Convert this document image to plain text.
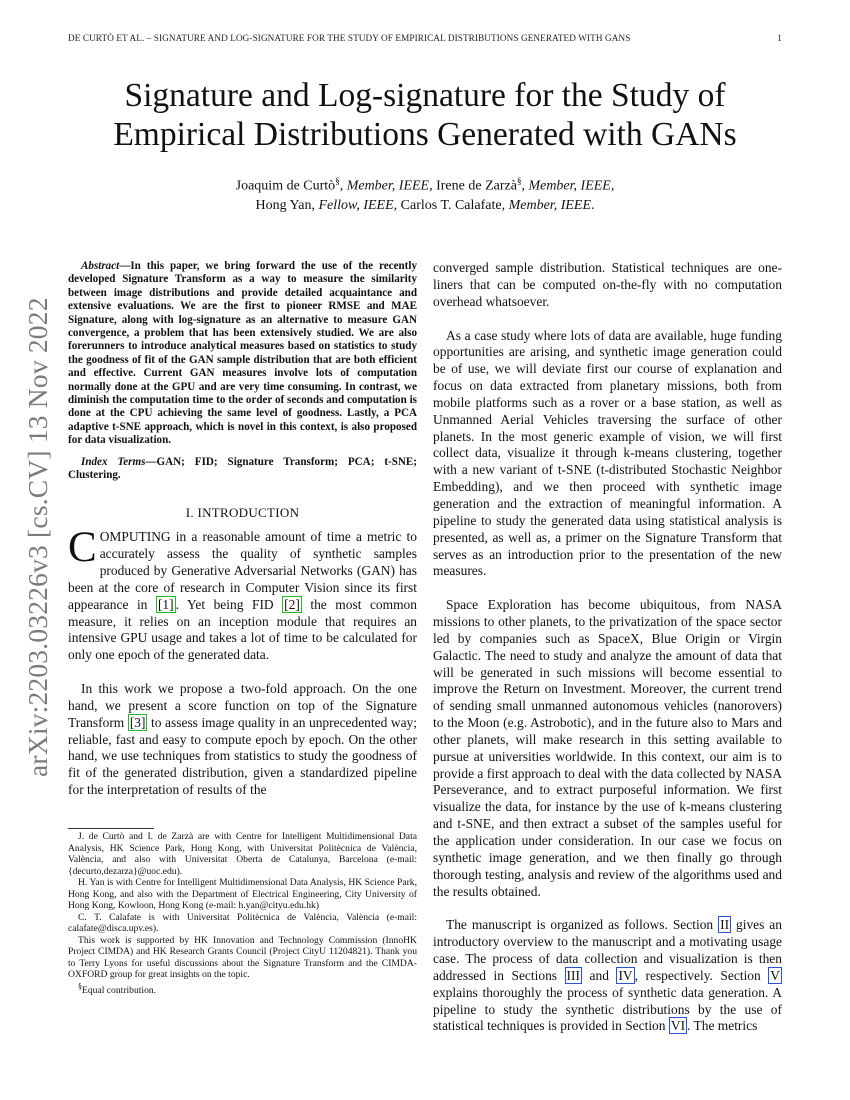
DE CURTÒ ET AL. – SIGNATURE AND LOG-SIGNATURE FOR THE STUDY OF EMPIRICAL DISTRIBUTIONS GENERATED WITH GANS	1
arXiv:2203.03226v3 [cs.CV] 13 Nov 2022
Signature and Log-signature for the Study of
Empirical Distributions Generated with GANs
Joaquim de Curtò§, Member, IEEE, Irene de Zarzà§, Member, IEEE,
Hong Yan, Fellow, IEEE, Carlos T. Calafate, Member, IEEE.

Abstract—In this paper, we bring forward the use of the recently developed Signature Transform as a way to measure the similarity between image distributions and provide detailed acquaintance and extensive evaluations. We are the first to pioneer RMSE and MAE Signature, along with log-signature as an alternative to measure GAN convergence, a problem that has been extensively studied. We are also forerunners to introduce analytical measures based on statistics to study the goodness of fit of the GAN sample distribution that are both efficient and effective. Current GAN measures involve lots of computation normally done at the GPU and are very time consuming. In contrast, we diminish the computation time to the order of seconds and computation is done at the CPU achieving the same level of goodness. Lastly, a PCA adaptive t-SNE approach, which is novel in this context, is also proposed for data visualization.

Index Terms—GAN; FID; Signature Transform; PCA; t-SNE; Clustering.

I. INTRODUCTION

COMPUTING in a reasonable amount of time a metric to accurately assess the quality of synthetic samples produced by Generative Adversarial Networks (GAN) has been at the core of research in Computer Vision since its first appearance in [1] . Yet being FID [2] the most common measure, it relies on an inception module that requires an intensive GPU usage and takes a lot of time to be calculated for only one epoch of the generated data.

In this work we propose a two-fold approach. On the one hand, we present a score function on top of the Signature Transform [3] to assess image quality in an unprecedented way; reliable, fast and easy to compute epoch by epoch. On the other hand, we use techniques from statistics to study the goodness of fit of the generated distribution, given a standardized pipeline for the interpretation of results of the

J. de Curtò and I. de Zarzà are with Centre for Intelligent Multidimensional Data Analysis, HK Science Park, Hong Kong, with Universitat Politècnica de València, València, and also with Universitat Oberta de Catalunya, Barcelona (e-mail: {decurto,dezarza}@uoc.edu).

H. Yan is with Centre for Intelligent Multidimensional Data Analysis, HK Science Park, Hong Kong, and also with the Department of Electrical Engineering, City University of Hong Kong, Kowloon, Hong Kong (e-mail: h.yan@cityu.edu.hk)

C. T. Calafate is with Universitat Politècnica de València, València (e-mail: calafate@disca.upv.es).

This work is supported by HK Innovation and Technology Commission (InnoHK Project CIMDA) and HK Research Grants Council (Project CityU 11204821). Thank you to Terry Lyons for useful discussions about the Signature Transform and the CIMDA-OXFORD group for great insights on the topic.

§Equal contribution.

converged sample distribution. Statistical techniques are one-liners that can be computed on-the-fly with no computation overhead whatsoever.

As a case study where lots of data are available, huge funding opportunities are arising, and synthetic image generation could be of use, we will deviate first our course of explanation and focus on data extracted from planetary missions, both from mobile platforms such as a rover or a base station, as well as Unmanned Aerial Vehicles traversing the surface of other planets. In the most generic example of vision, we will first collect data, visualize it through k-means clustering, together with a new variant of t-SNE (t-distributed Stochastic Neighbor Embedding), and we then proceed with synthetic image generation and the extraction of meaningful information. A pipeline to study the generated data using statistical analysis is presented, as well as, a primer on the Signature Transform that serves as an introduction prior to the presentation of the new measures.

Space Exploration has become ubiquitous, from NASA missions to other planets, to the privatization of the space sector led by companies such as SpaceX, Blue Origin or Virgin Galactic. The need to study and analyze the amount of data that will be generated in such missions will become essential to improve the Return on Investment. Moreover, the current trend of sending small unmanned autonomous vehicles (nanorovers) to the Moon (e.g. Astrobotic), and in the future also to Mars and other planets, will make research in this setting available to pursue at universities worldwide. In this context, our aim is to provide a first approach to deal with the data collected by NASA Perseverance, and to extract purposeful information. We first visualize the data, for instance by the use of k-means clustering and t-SNE, and then extract a subset of the samples useful for the application under consideration. In our case we focus on synthetic image generation, and we then finally go through thorough testing, analysis and review of the algorithms used and the results obtained.

The manuscript is organized as follows. Section II gives an introductory overview to the manuscript and a motivating usage case. The process of data collection and visualization is then addressed in Sections III and IV , respectively. Section V explains thoroughly the process of synthetic data generation. A pipeline to study the synthetic distributions by the use of statistical techniques is provided in Section VI . The metrics
